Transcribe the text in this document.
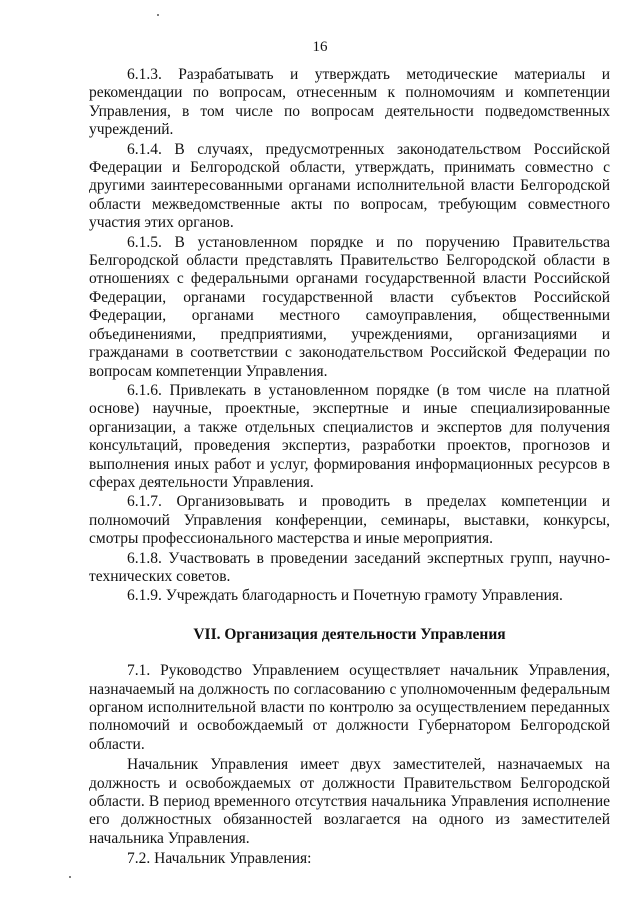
16

6.1.3. Разрабатывать и утверждать методические материалы и рекомендации по вопросам, отнесенным к полномочиям и компетенции Управления, в том числе по вопросам деятельности подведомственных учреждений.

6.1.4. В случаях, предусмотренных законодательством Российской Федерации и Белгородской области, утверждать, принимать совместно с другими заинтересованными органами исполнительной власти Белгородской области межведомственные акты по вопросам, требующим совместного участия этих органов.

6.1.5. В установленном порядке и по поручению Правительства Белгородской области представлять Правительство Белгородской области в отношениях с федеральными органами государственной власти Российской Федерации, органами государственной власти субъектов Российской Федерации, органами местного самоуправления, общественными объединениями, предприятиями, учреждениями, организациями и гражданами в соответствии с законодательством Российской Федерации по вопросам компетенции Управления.

6.1.6. Привлекать в установленном порядке (в том числе на платной основе) научные, проектные, экспертные и иные специализированные организации, а также отдельных специалистов и экспертов для получения консультаций, проведения экспертиз, разработки проектов, прогнозов и выполнения иных работ и услуг, формирования информационных ресурсов в сферах деятельности Управления.

6.1.7. Организовывать и проводить в пределах компетенции и полномочий Управления конференции, семинары, выставки, конкурсы, смотры профессионального мастерства и иные мероприятия.

6.1.8. Участвовать в проведении заседаний экспертных групп, научно-технических советов.

6.1.9. Учреждать благодарность и Почетную грамоту Управления.

VII. Организация деятельности Управления

7.1. Руководство Управлением осуществляет начальник Управления, назначаемый на должность по согласованию с уполномоченным федеральным органом исполнительной власти по контролю за осуществлением переданных полномочий и освобождаемый от должности Губернатором Белгородской области.

Начальник Управления имеет двух заместителей, назначаемых на должность и освобождаемых от должности Правительством Белгородской области. В период временного отсутствия начальника Управления исполнение его должностных обязанностей возлагается на одного из заместителей начальника Управления.

7.2. Начальник Управления:
